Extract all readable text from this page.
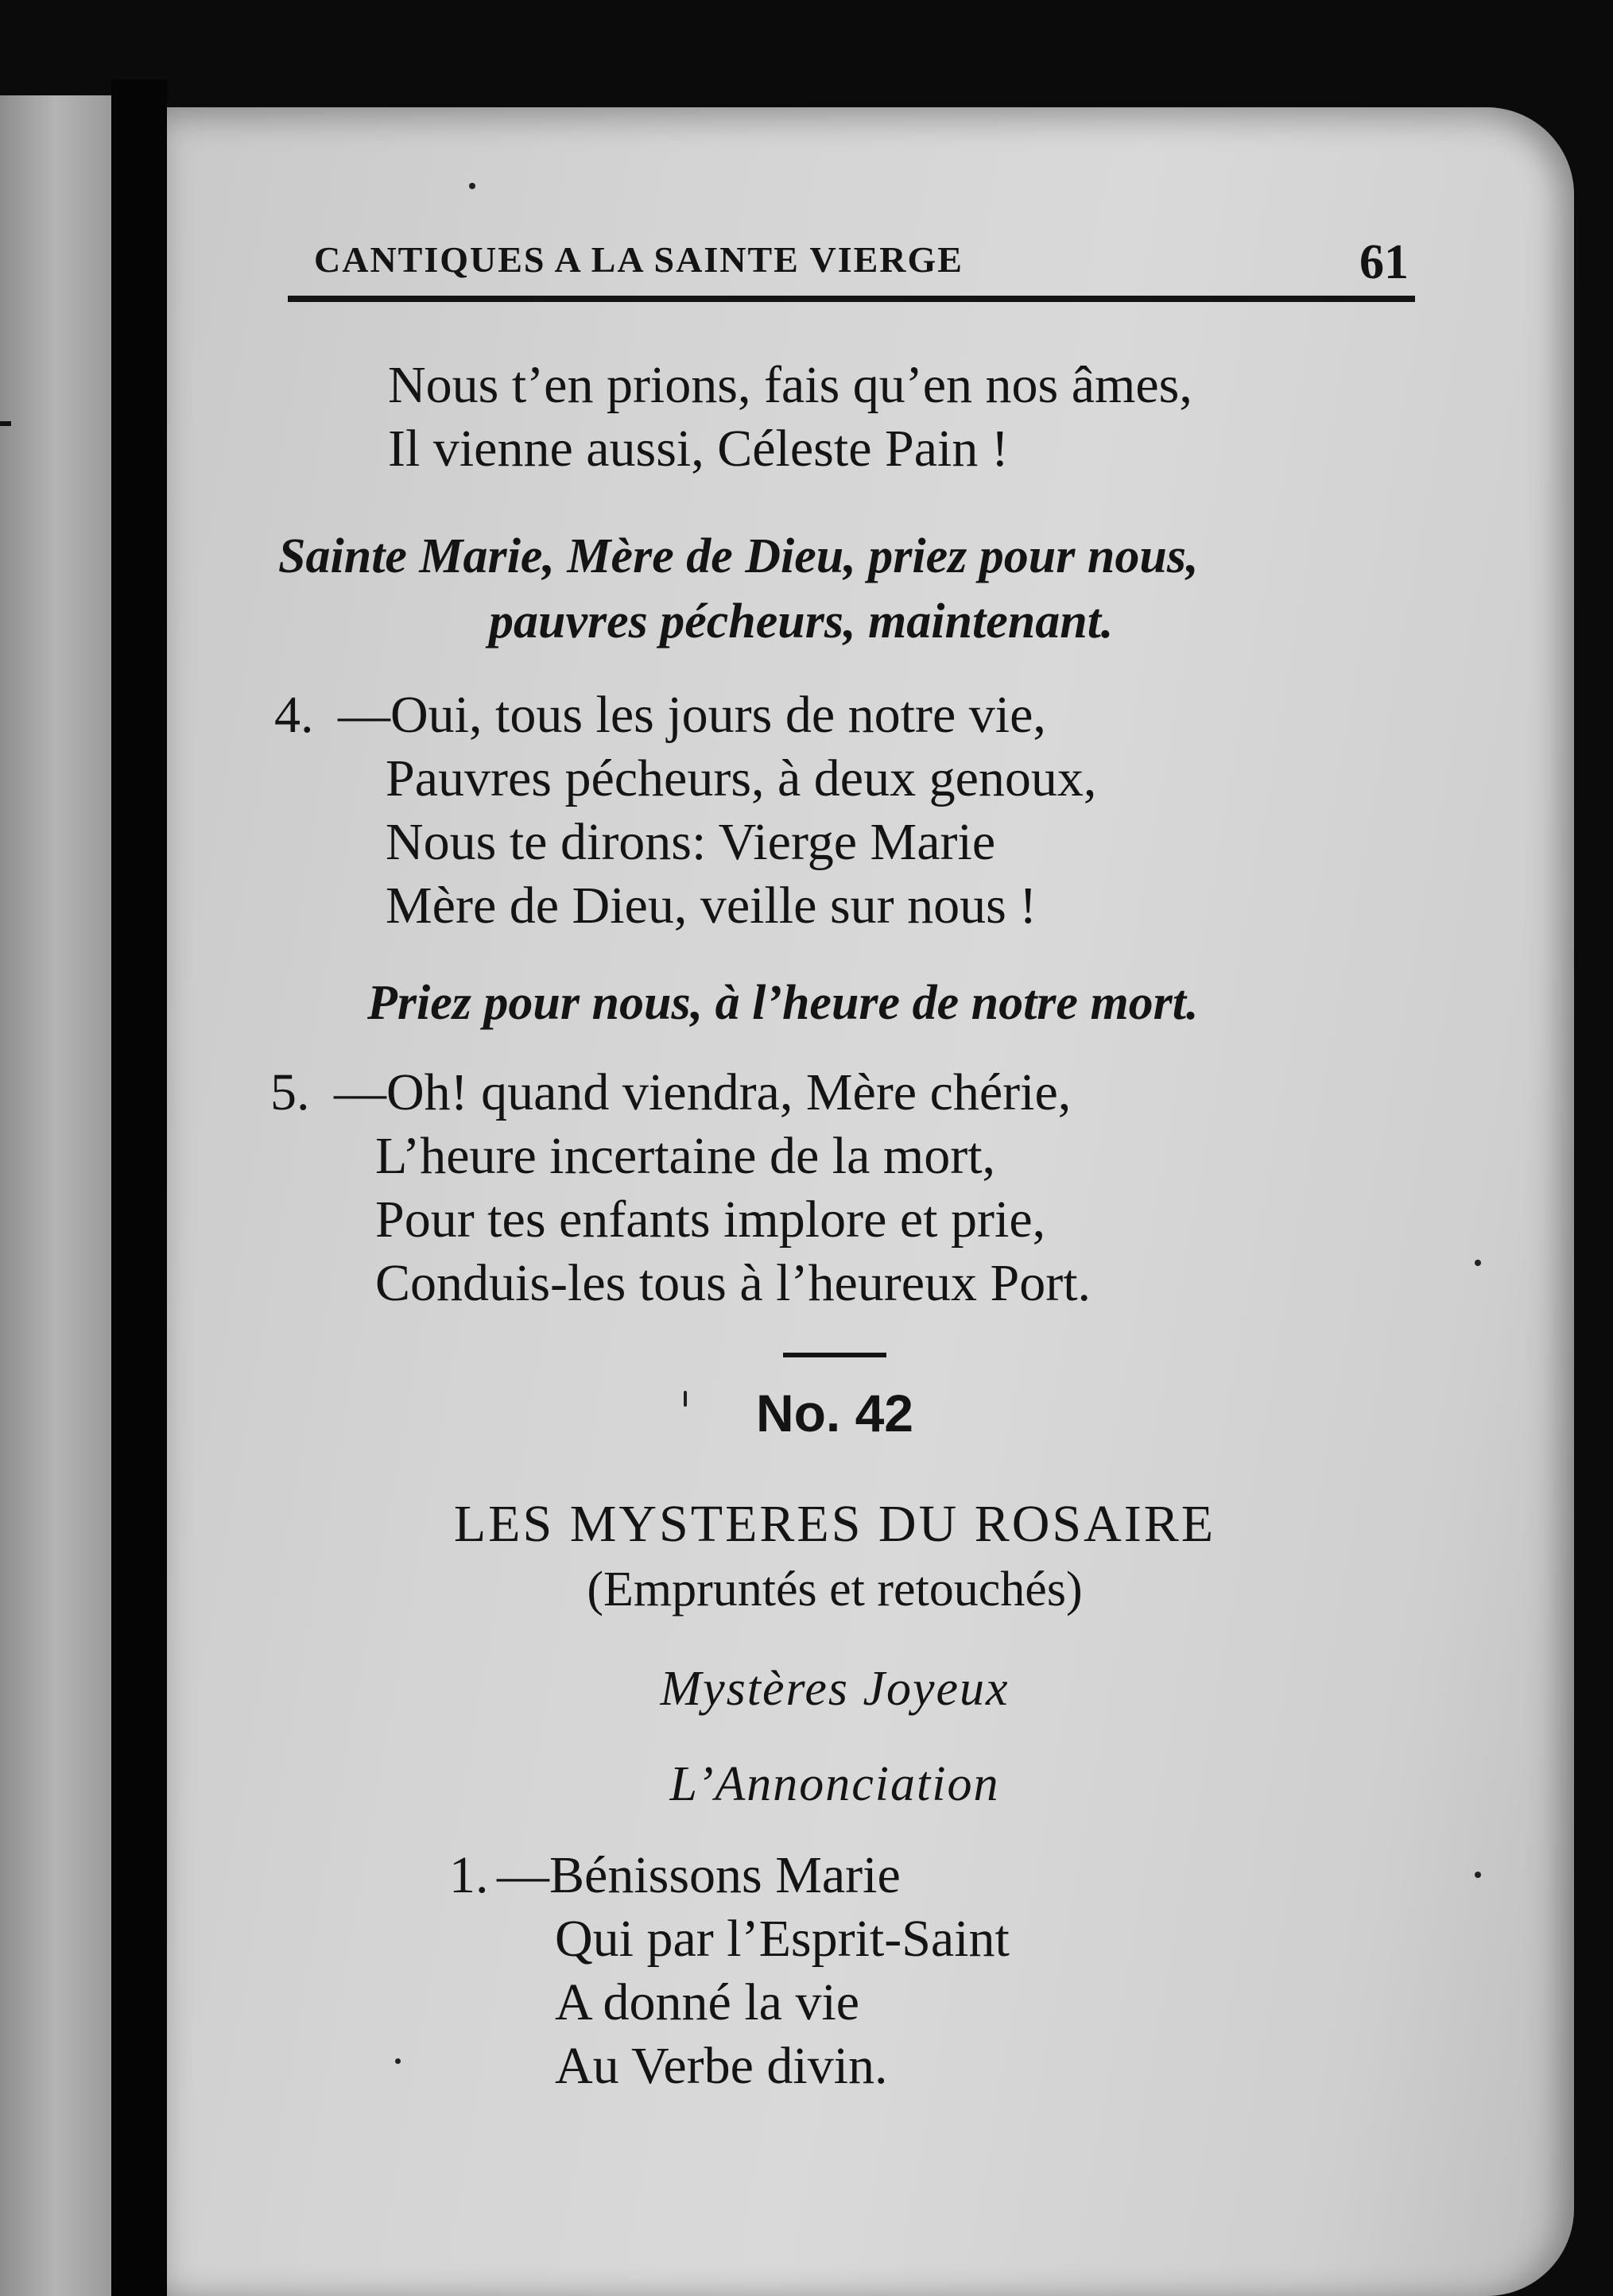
CANTIQUES A LA SAINTE VIERGE	61
Nous t’en prions, fais qu’en nos âmes,
Il vienne aussi, Céleste Pain !
Sainte Marie, Mère de Dieu, priez pour nous,
pauvres pécheurs, maintenant.
4. —Oui, tous les jours de notre vie,
Pauvres pécheurs, à deux genoux,
Nous te dirons: Vierge Marie
Mère de Dieu, veille sur nous !
Priez pour nous, à l’heure de notre mort.
5. —Oh! quand viendra, Mère chérie,
L’heure incertaine de la mort,
Pour tes enfants implore et prie,
Conduis-les tous à l’heureux Port.
No. 42
LES MYSTERES DU ROSAIRE
(Empruntés et retouchés)
Mystères Joyeux
L’Annonciation
1. —Bénissons Marie
Qui par l’Esprit-Saint
A donné la vie
Au Verbe divin.
